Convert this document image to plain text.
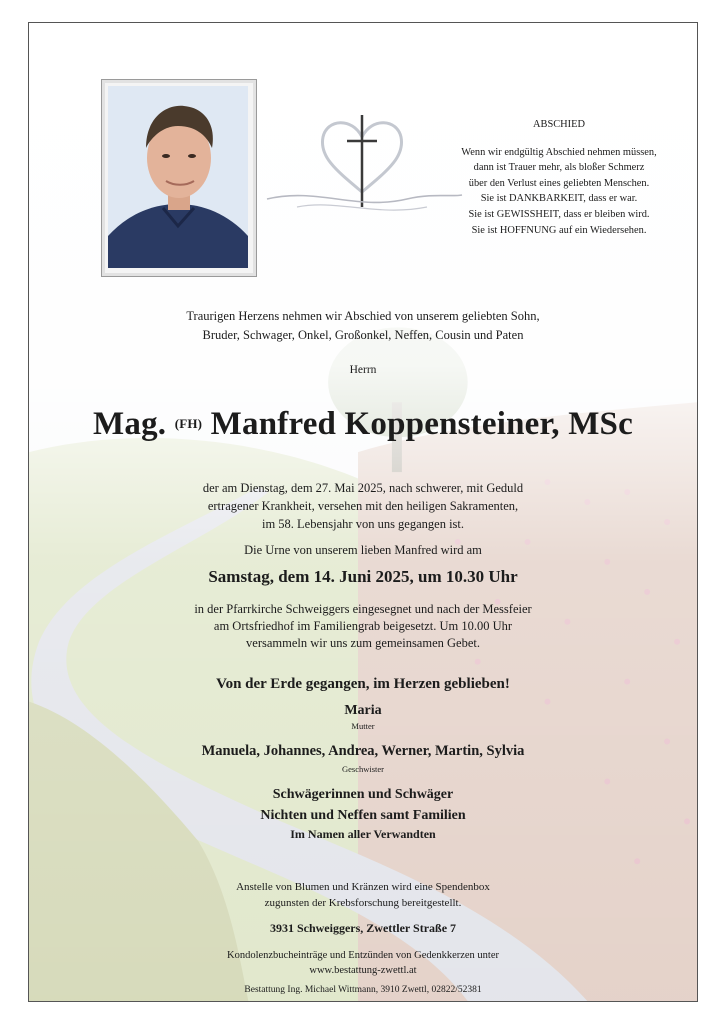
ABSCHIED
Wenn wir endgültig Abschied nehmen müssen,
dann ist Trauer mehr, als bloßer Schmerz
über den Verlust eines geliebten Menschen.
Sie ist DANKBARKEIT, dass er war.
Sie ist GEWISSHEIT, dass er bleiben wird.
Sie ist HOFFNUNG auf ein Wiedersehen.
Traurigen Herzens nehmen wir Abschied von unserem geliebten Sohn,
Bruder, Schwager, Onkel, Großonkel, Neffen, Cousin und Paten
Herrn
Mag. (FH) Manfred Koppensteiner, MSc
der am Dienstag, dem 27. Mai 2025, nach schwerer, mit Geduld
ertragener Krankheit, versehen mit den heiligen Sakramenten,
im 58. Lebensjahr von uns gegangen ist.
Die Urne von unserem lieben Manfred wird am
Samstag, dem 14. Juni 2025, um 10.30 Uhr
in der Pfarrkirche Schweiggers eingesegnet und nach der Messfeier
am Ortsfriedhof im Familiengrab beigesetzt. Um 10.00 Uhr
versammeln wir uns zum gemeinsamen Gebet.
Von der Erde gegangen, im Herzen geblieben!
Maria
Mutter
Manuela, Johannes, Andrea, Werner, Martin, Sylvia
Geschwister
Schwägerinnen und Schwäger
Nichten und Neffen samt Familien
Im Namen aller Verwandten
Anstelle von Blumen und Kränzen wird eine Spendenbox
zugunsten der Krebsforschung bereitgestellt.
3931 Schweiggers, Zwettler Straße 7
Kondolenzbucheinträge und Entzünden von Gedenkkerzen unter
www.bestattung-zwettl.at
Bestattung Ing. Michael Wittmann, 3910 Zwettl, 02822/52381
